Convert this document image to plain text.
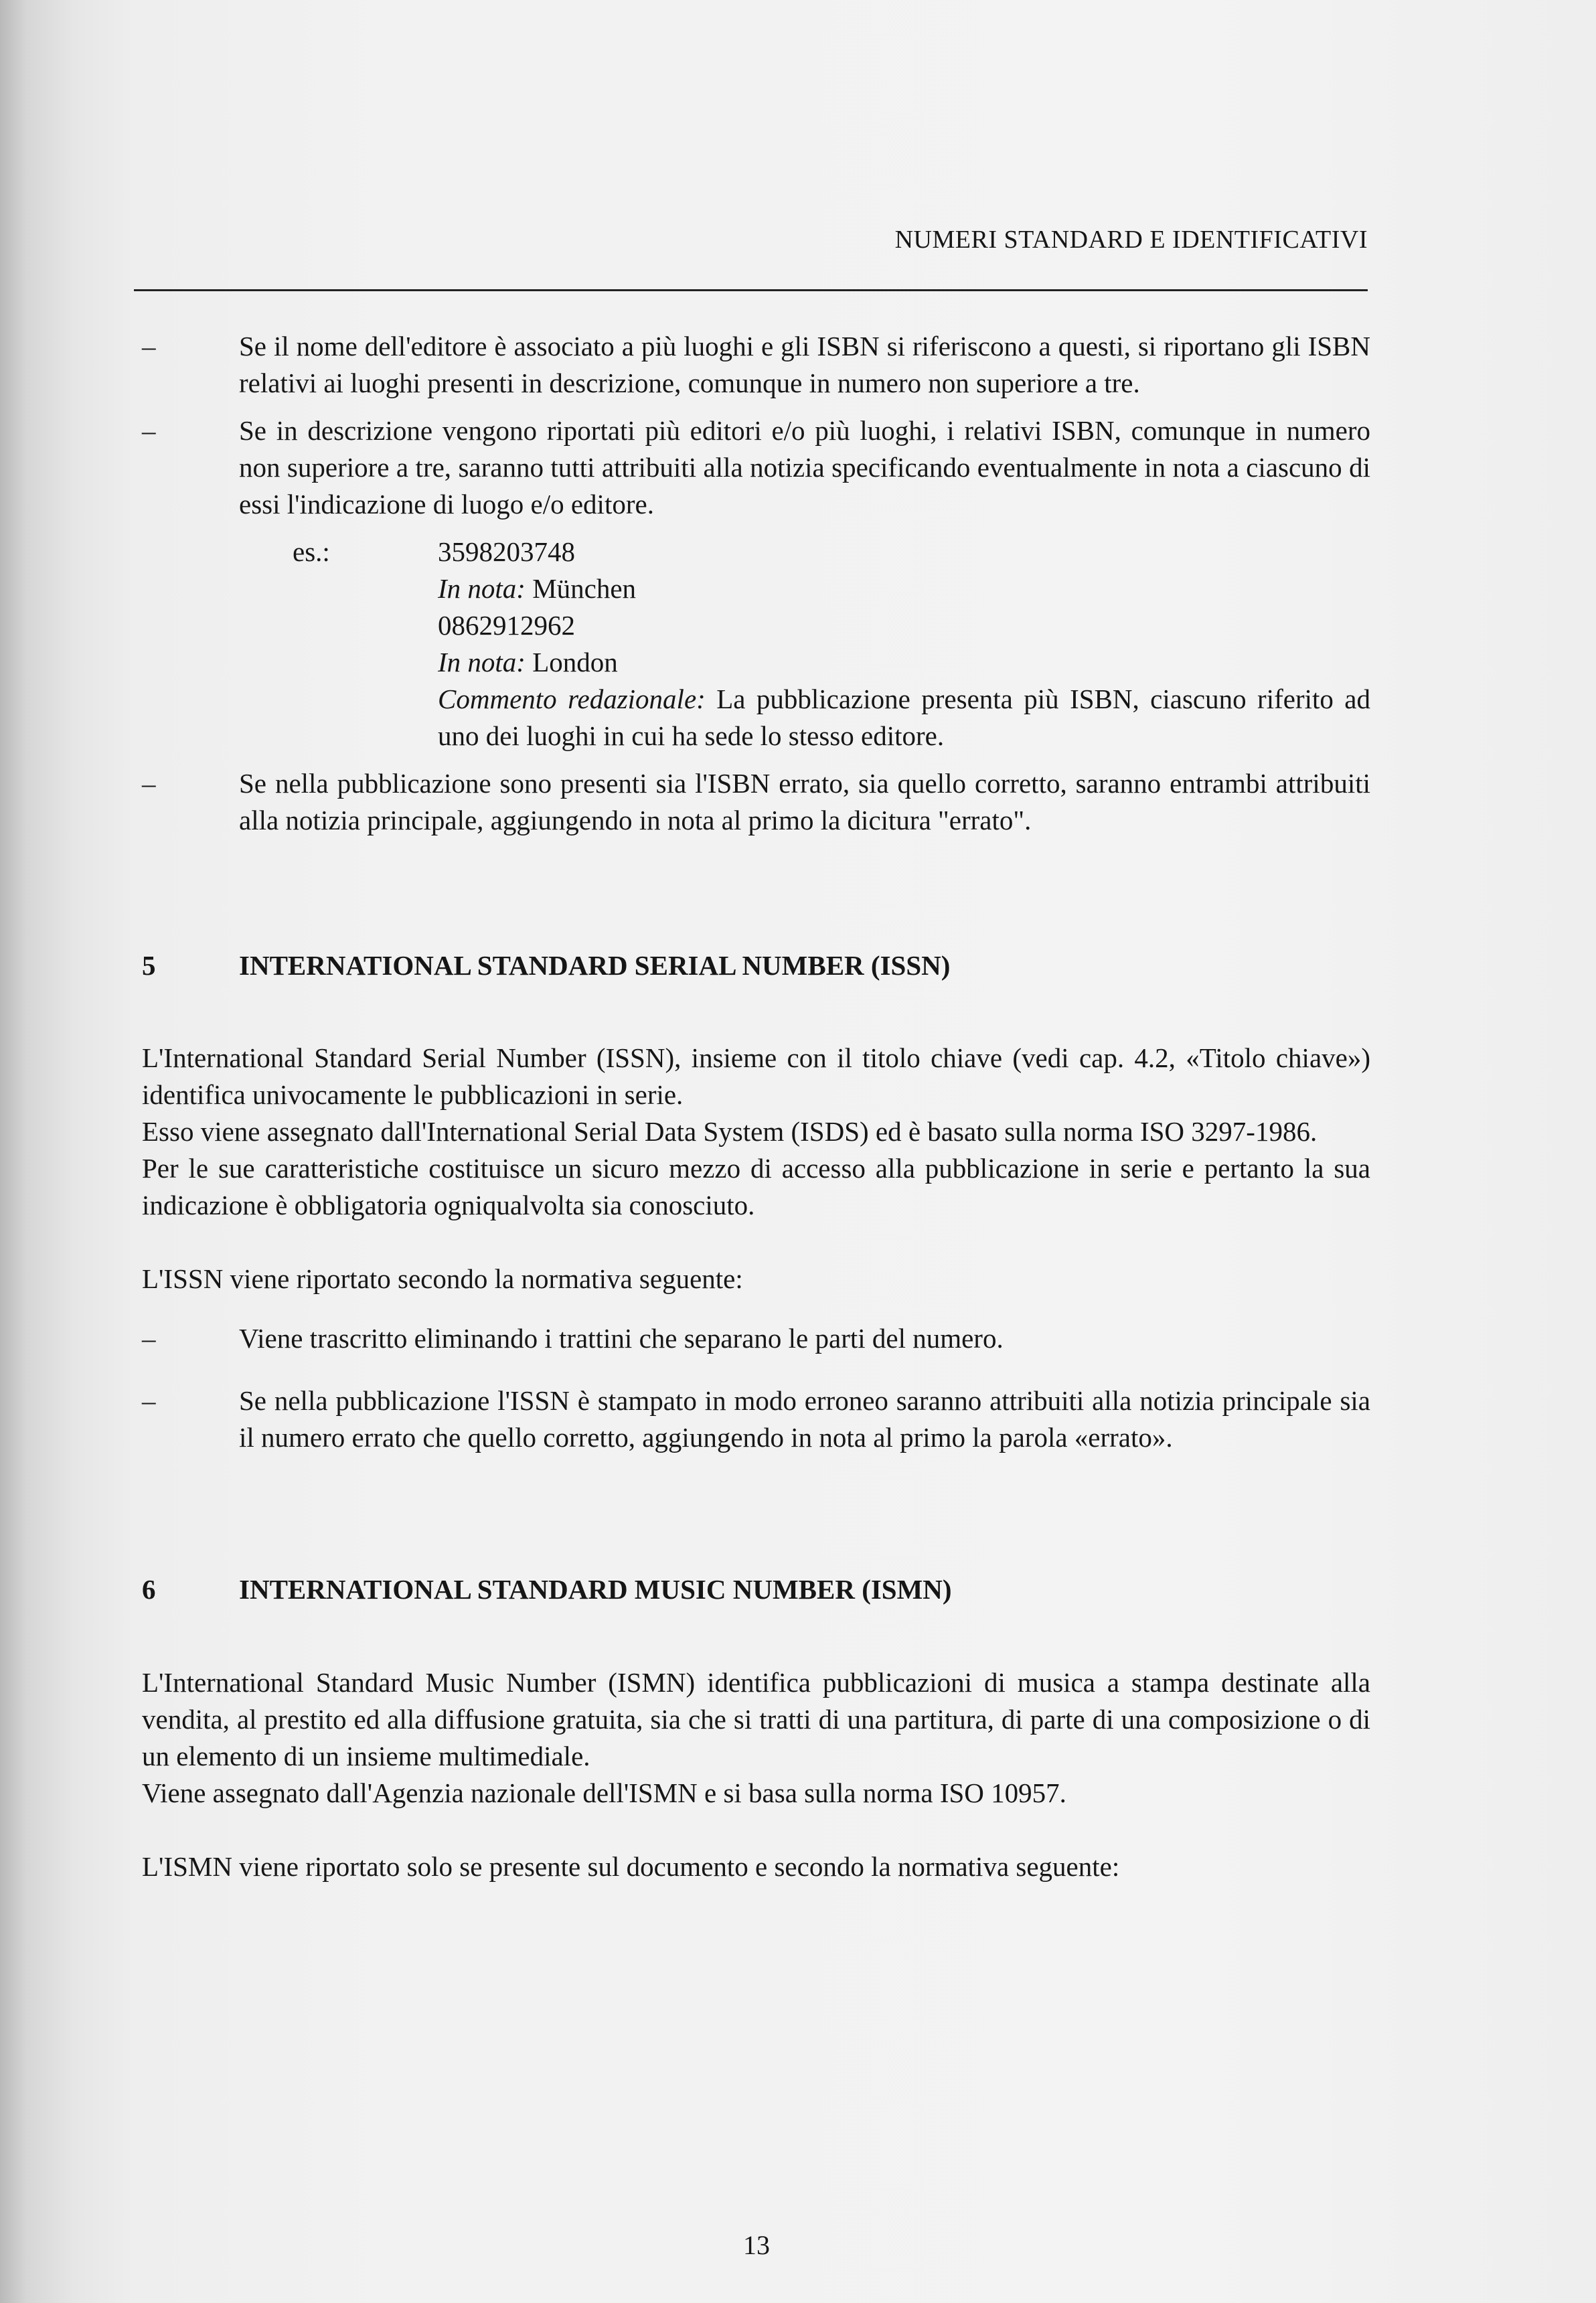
NUMERI STANDARD E IDENTIFICATIVI
–	Se il nome dell'editore è associato a più luoghi e gli ISBN si riferiscono a questi, si riportano gli ISBN relativi ai luoghi presenti in descrizione, comunque in numero non superiore a tre.
–	Se in descrizione vengono riportati più editori e/o più luoghi, i relativi ISBN, comunque in numero non superiore a tre, saranno tutti attribuiti alla notizia specificando eventualmente in nota a ciascuno di essi l'indicazione di luogo e/o editore.
es.:	3598203748
In nota: München
0862912962
In nota: London
Commento redazionale: La pubblicazione presenta più ISBN, ciascuno riferito ad uno dei luoghi in cui ha sede lo stesso editore.
–	Se nella pubblicazione sono presenti sia l'ISBN errato, sia quello corretto, saranno entrambi attribuiti alla notizia principale, aggiungendo in nota al primo la dicitura "errato".
5	INTERNATIONAL STANDARD SERIAL NUMBER (ISSN)
L'International Standard Serial Number (ISSN), insieme con il titolo chiave (vedi cap. 4.2, «Titolo chiave») identifica univocamente le pubblicazioni in serie.
Esso viene assegnato dall'International Serial Data System (ISDS) ed è basato sulla norma ISO 3297-1986.
Per le sue caratteristiche costituisce un sicuro mezzo di accesso alla pubblicazione in serie e pertanto la sua indicazione è obbligatoria ogniqualvolta sia conosciuto.
L'ISSN viene riportato secondo la normativa seguente:
–	Viene trascritto eliminando i trattini che separano le parti del numero.
–	Se nella pubblicazione l'ISSN è stampato in modo erroneo saranno attribuiti alla notizia principale sia il numero errato che quello corretto, aggiungendo in nota al primo la parola «errato».
6	INTERNATIONAL STANDARD MUSIC NUMBER (ISMN)
L'International Standard Music Number (ISMN) identifica pubblicazioni di musica a stampa destinate alla vendita, al prestito ed alla diffusione gratuita, sia che si tratti di una partitura, di parte di una composizione o di un elemento di un insieme multimediale.
Viene assegnato dall'Agenzia nazionale dell'ISMN e si basa sulla norma ISO 10957.
L'ISMN viene riportato solo se presente sul documento e secondo la normativa seguente:
13
